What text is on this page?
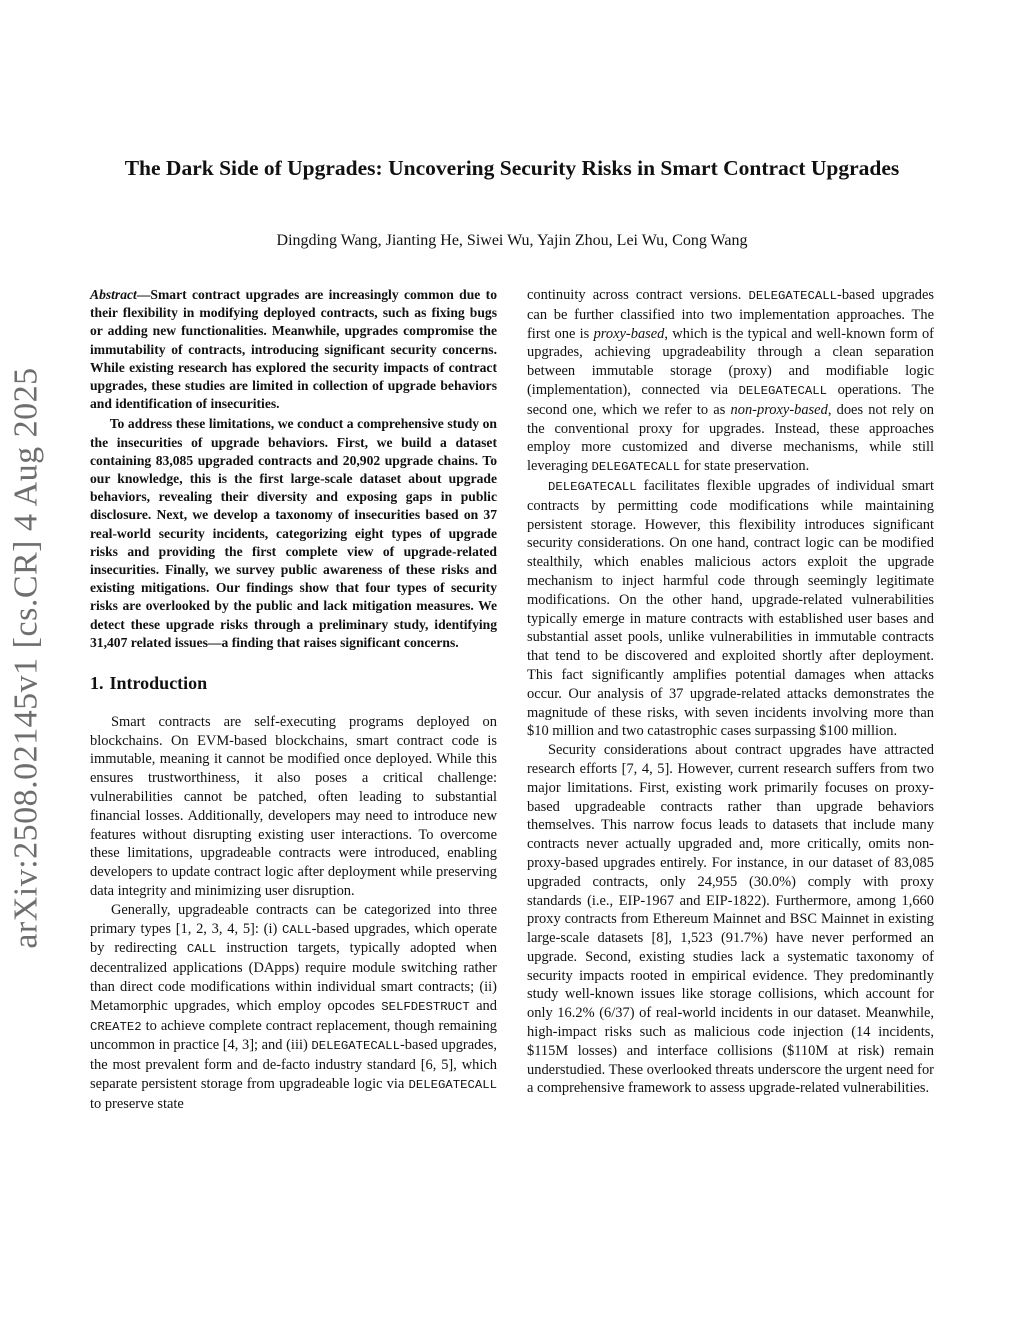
arXiv:2508.02145v1 [cs.CR] 4 Aug 2025
The Dark Side of Upgrades: Uncovering Security Risks in Smart Contract Upgrades

Dingding Wang, Jianting He, Siwei Wu, Yajin Zhou, Lei Wu, Cong Wang

Abstract—Smart contract upgrades are increasingly common due to their flexibility in modifying deployed contracts, such as fixing bugs or adding new functionalities. Meanwhile, upgrades compromise the immutability of contracts, introducing significant security concerns. While existing research has explored the security impacts of contract upgrades, these studies are limited in collection of upgrade behaviors and identification of insecurities.

To address these limitations, we conduct a comprehensive study on the insecurities of upgrade behaviors. First, we build a dataset containing 83,085 upgraded contracts and 20,902 upgrade chains. To our knowledge, this is the first large-scale dataset about upgrade behaviors, revealing their diversity and exposing gaps in public disclosure. Next, we develop a taxonomy of insecurities based on 37 real-world security incidents, categorizing eight types of upgrade risks and providing the first complete view of upgrade-related insecurities. Finally, we survey public awareness of these risks and existing mitigations. Our findings show that four types of security risks are overlooked by the public and lack mitigation measures. We detect these upgrade risks through a preliminary study, identifying 31,407 related issues—a finding that raises significant concerns.

1. Introduction

Smart contracts are self-executing programs deployed on blockchains. On EVM-based blockchains, smart contract code is immutable, meaning it cannot be modified once deployed. While this ensures trustworthiness, it also poses a critical challenge: vulnerabilities cannot be patched, often leading to substantial financial losses. Additionally, developers may need to introduce new features without disrupting existing user interactions. To overcome these limitations, upgradeable contracts were introduced, enabling developers to update contract logic after deployment while preserving data integrity and minimizing user disruption.

Generally, upgradeable contracts can be categorized into three primary types [1, 2, 3, 4, 5]: (i) CALL-based upgrades, which operate by redirecting CALL instruction targets, typically adopted when decentralized applications (DApps) require module switching rather than direct code modifications within individual smart contracts; (ii) Metamorphic upgrades, which employ opcodes SELFDESTRUCT and CREATE2 to achieve complete contract replacement, though remaining uncommon in practice [4, 3]; and (iii) DELEGATECALL-based upgrades, the most prevalent form and de-facto industry standard [6, 5], which separate persistent storage from upgradeable logic via DELEGATECALL to preserve state

continuity across contract versions. DELEGATECALL-based upgrades can be further classified into two implementation approaches. The first one is proxy-based, which is the typical and well-known form of upgrades, achieving upgradeability through a clean separation between immutable storage (proxy) and modifiable logic (implementation), connected via DELEGATECALL operations. The second one, which we refer to as non-proxy-based, does not rely on the conventional proxy for upgrades. Instead, these approaches employ more customized and diverse mechanisms, while still leveraging DELEGATECALL for state preservation.

DELEGATECALL facilitates flexible upgrades of individual smart contracts by permitting code modifications while maintaining persistent storage. However, this flexibility introduces significant security considerations. On one hand, contract logic can be modified stealthily, which enables malicious actors exploit the upgrade mechanism to inject harmful code through seemingly legitimate modifications. On the other hand, upgrade-related vulnerabilities typically emerge in mature contracts with established user bases and substantial asset pools, unlike vulnerabilities in immutable contracts that tend to be discovered and exploited shortly after deployment. This fact significantly amplifies potential damages when attacks occur. Our analysis of 37 upgrade-related attacks demonstrates the magnitude of these risks, with seven incidents involving more than $10 million and two catastrophic cases surpassing $100 million.

Security considerations about contract upgrades have attracted research efforts [7, 4, 5]. However, current research suffers from two major limitations. First, existing work primarily focuses on proxy-based upgradeable contracts rather than upgrade behaviors themselves. This narrow focus leads to datasets that include many contracts never actually upgraded and, more critically, omits non-proxy-based upgrades entirely. For instance, in our dataset of 83,085 upgraded contracts, only 24,955 (30.0%) comply with proxy standards (i.e., EIP-1967 and EIP-1822). Furthermore, among 1,660 proxy contracts from Ethereum Mainnet and BSC Mainnet in existing large-scale datasets [8], 1,523 (91.7%) have never performed an upgrade. Second, existing studies lack a systematic taxonomy of security impacts rooted in empirical evidence. They predominantly study well-known issues like storage collisions, which account for only 16.2% (6/37) of real-world incidents in our dataset. Meanwhile, high-impact risks such as malicious code injection (14 incidents, $115M losses) and interface collisions ($110M at risk) remain understudied. These overlooked threats underscore the urgent need for a comprehensive framework to assess upgrade-related vulnerabilities.
